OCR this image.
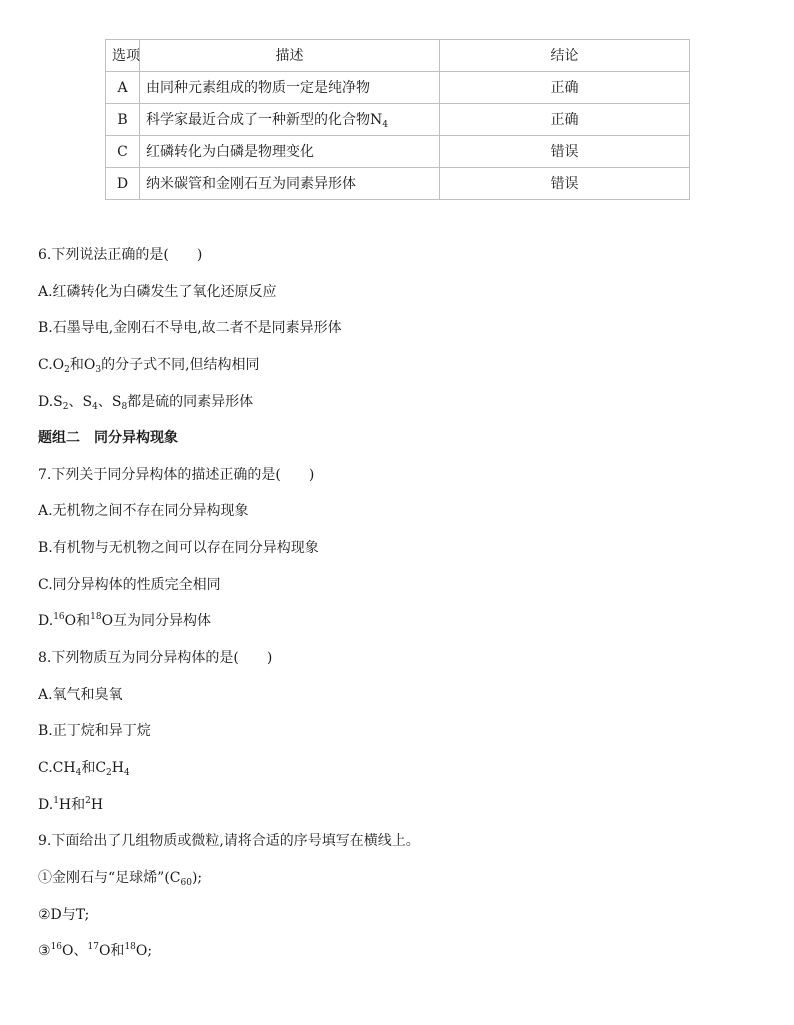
选项	描述	结论
A	由同种元素组成的物质一定是纯净物	正确
B	科学家最近合成了一种新型的化合物$N_4$	正确
C	红磷转化为白磷是物理变化	错误
D	纳米碳管和金刚石互为同素异形体	错误
6.下列说法正确的是(　　)
A.红磷转化为白磷发生了氧化还原反应
B.石墨导电,金刚石不导电,故二者不是同素异形体
$C.O_2$和$O_3$的分子式不同,但结构相同
$D.S_2$、$S_4$、$S_8$都是硫的同素异形体
题组二 同分异构现象
7.下列关于同分异构体的描述正确的是(　　)
A.无机物之间不存在同分异构现象
B.有机物与无机物之间可以存在同分异构现象
C.同分异构体的性质完全相同
D.$^{16}$O和$^{18}$O互为同分异构体
8.下列物质互为同分异构体的是(　　)
A.氧气和臭氧
B.正丁烷和异丁烷
$C.CH_4$和$C_2H_4$
D.$^1$H和$^2$H
9.下面给出了几组物质或微粒,请将合适的序号填写在横线上。
①金刚石与“足球烯$”(C_{60})$;
②D与T;
③$^{16}$O、$^{17}$O和$^{18}$O;
